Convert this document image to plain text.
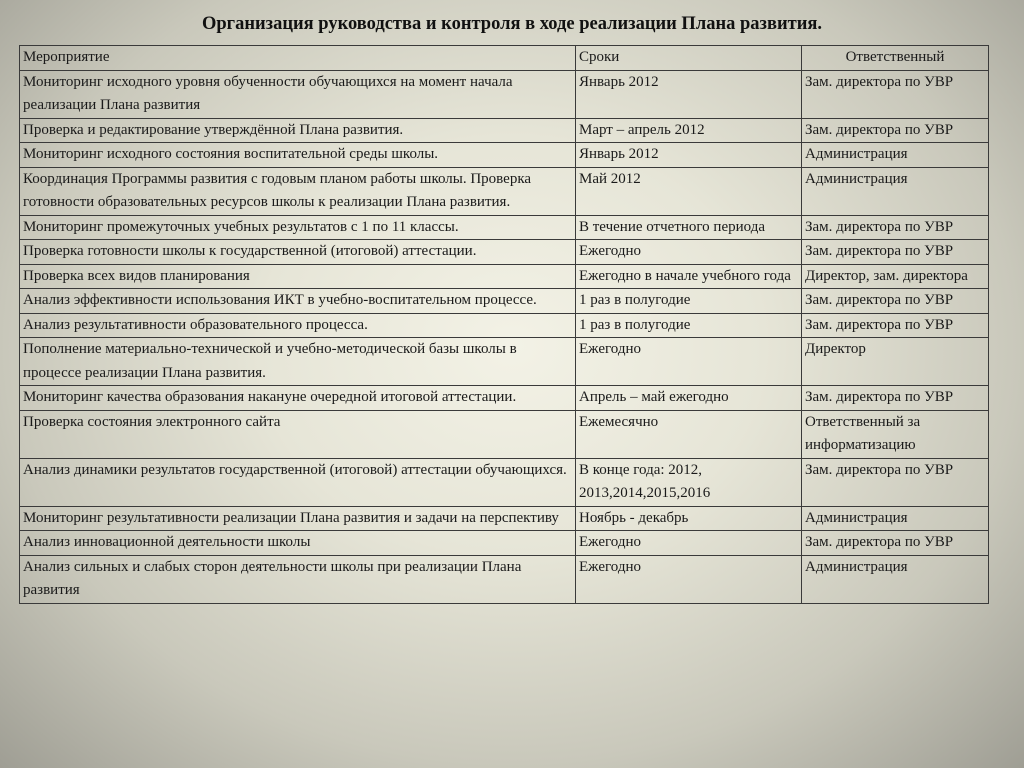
Организация руководства и контроля в ходе реализации Плана развития.
Мероприятие	Сроки	Ответственный
Мониторинг исходного уровня обученности обучающихся на момент начала реализации Плана развития	Январь 2012	Зам. директора по УВР
Проверка и редактирование утверждённой Плана развития.	Март – апрель 2012	Зам. директора по УВР
Мониторинг исходного состояния воспитательной среды школы.	Январь 2012	Администрация
Координация Программы развития с годовым планом работы школы. Проверка готовности образовательных ресурсов школы к реализации Плана развития.	Май 2012	Администрация
Мониторинг промежуточных учебных результатов с 1 по 11 классы.	В течение отчетного периода	Зам. директора по УВР
Проверка готовности школы к государственной (итоговой) аттестации.	Ежегодно	Зам. директора по УВР
Проверка всех видов планирования	Ежегодно в начале учебного года	Директор, зам. директора
Анализ эффективности использования ИКТ в учебно-воспитательном процессе.	1 раз в полугодие	Зам. директора по УВР
Анализ результативности образовательного процесса.	1 раз в полугодие	Зам. директора по УВР
Пополнение материально-технической и учебно-методической базы школы в процессе реализации Плана развития.	Ежегодно	Директор
Мониторинг качества образования накануне очередной итоговой аттестации.	Апрель – май ежегодно	Зам. директора по УВР
Проверка состояния электронного сайта	Ежемесячно	Ответственный за информатизацию
Анализ динамики результатов государственной (итоговой) аттестации обучающихся.	В конце года: 2012, 2013,2014,2015,2016	Зам. директора по УВР
Мониторинг результативности реализации Плана развития и задачи на перспективу	Ноябрь - декабрь	Администрация
Анализ инновационной деятельности школы	Ежегодно	Зам. директора по УВР
Анализ сильных и слабых сторон деятельности школы при реализации Плана развития	Ежегодно	Администрация
